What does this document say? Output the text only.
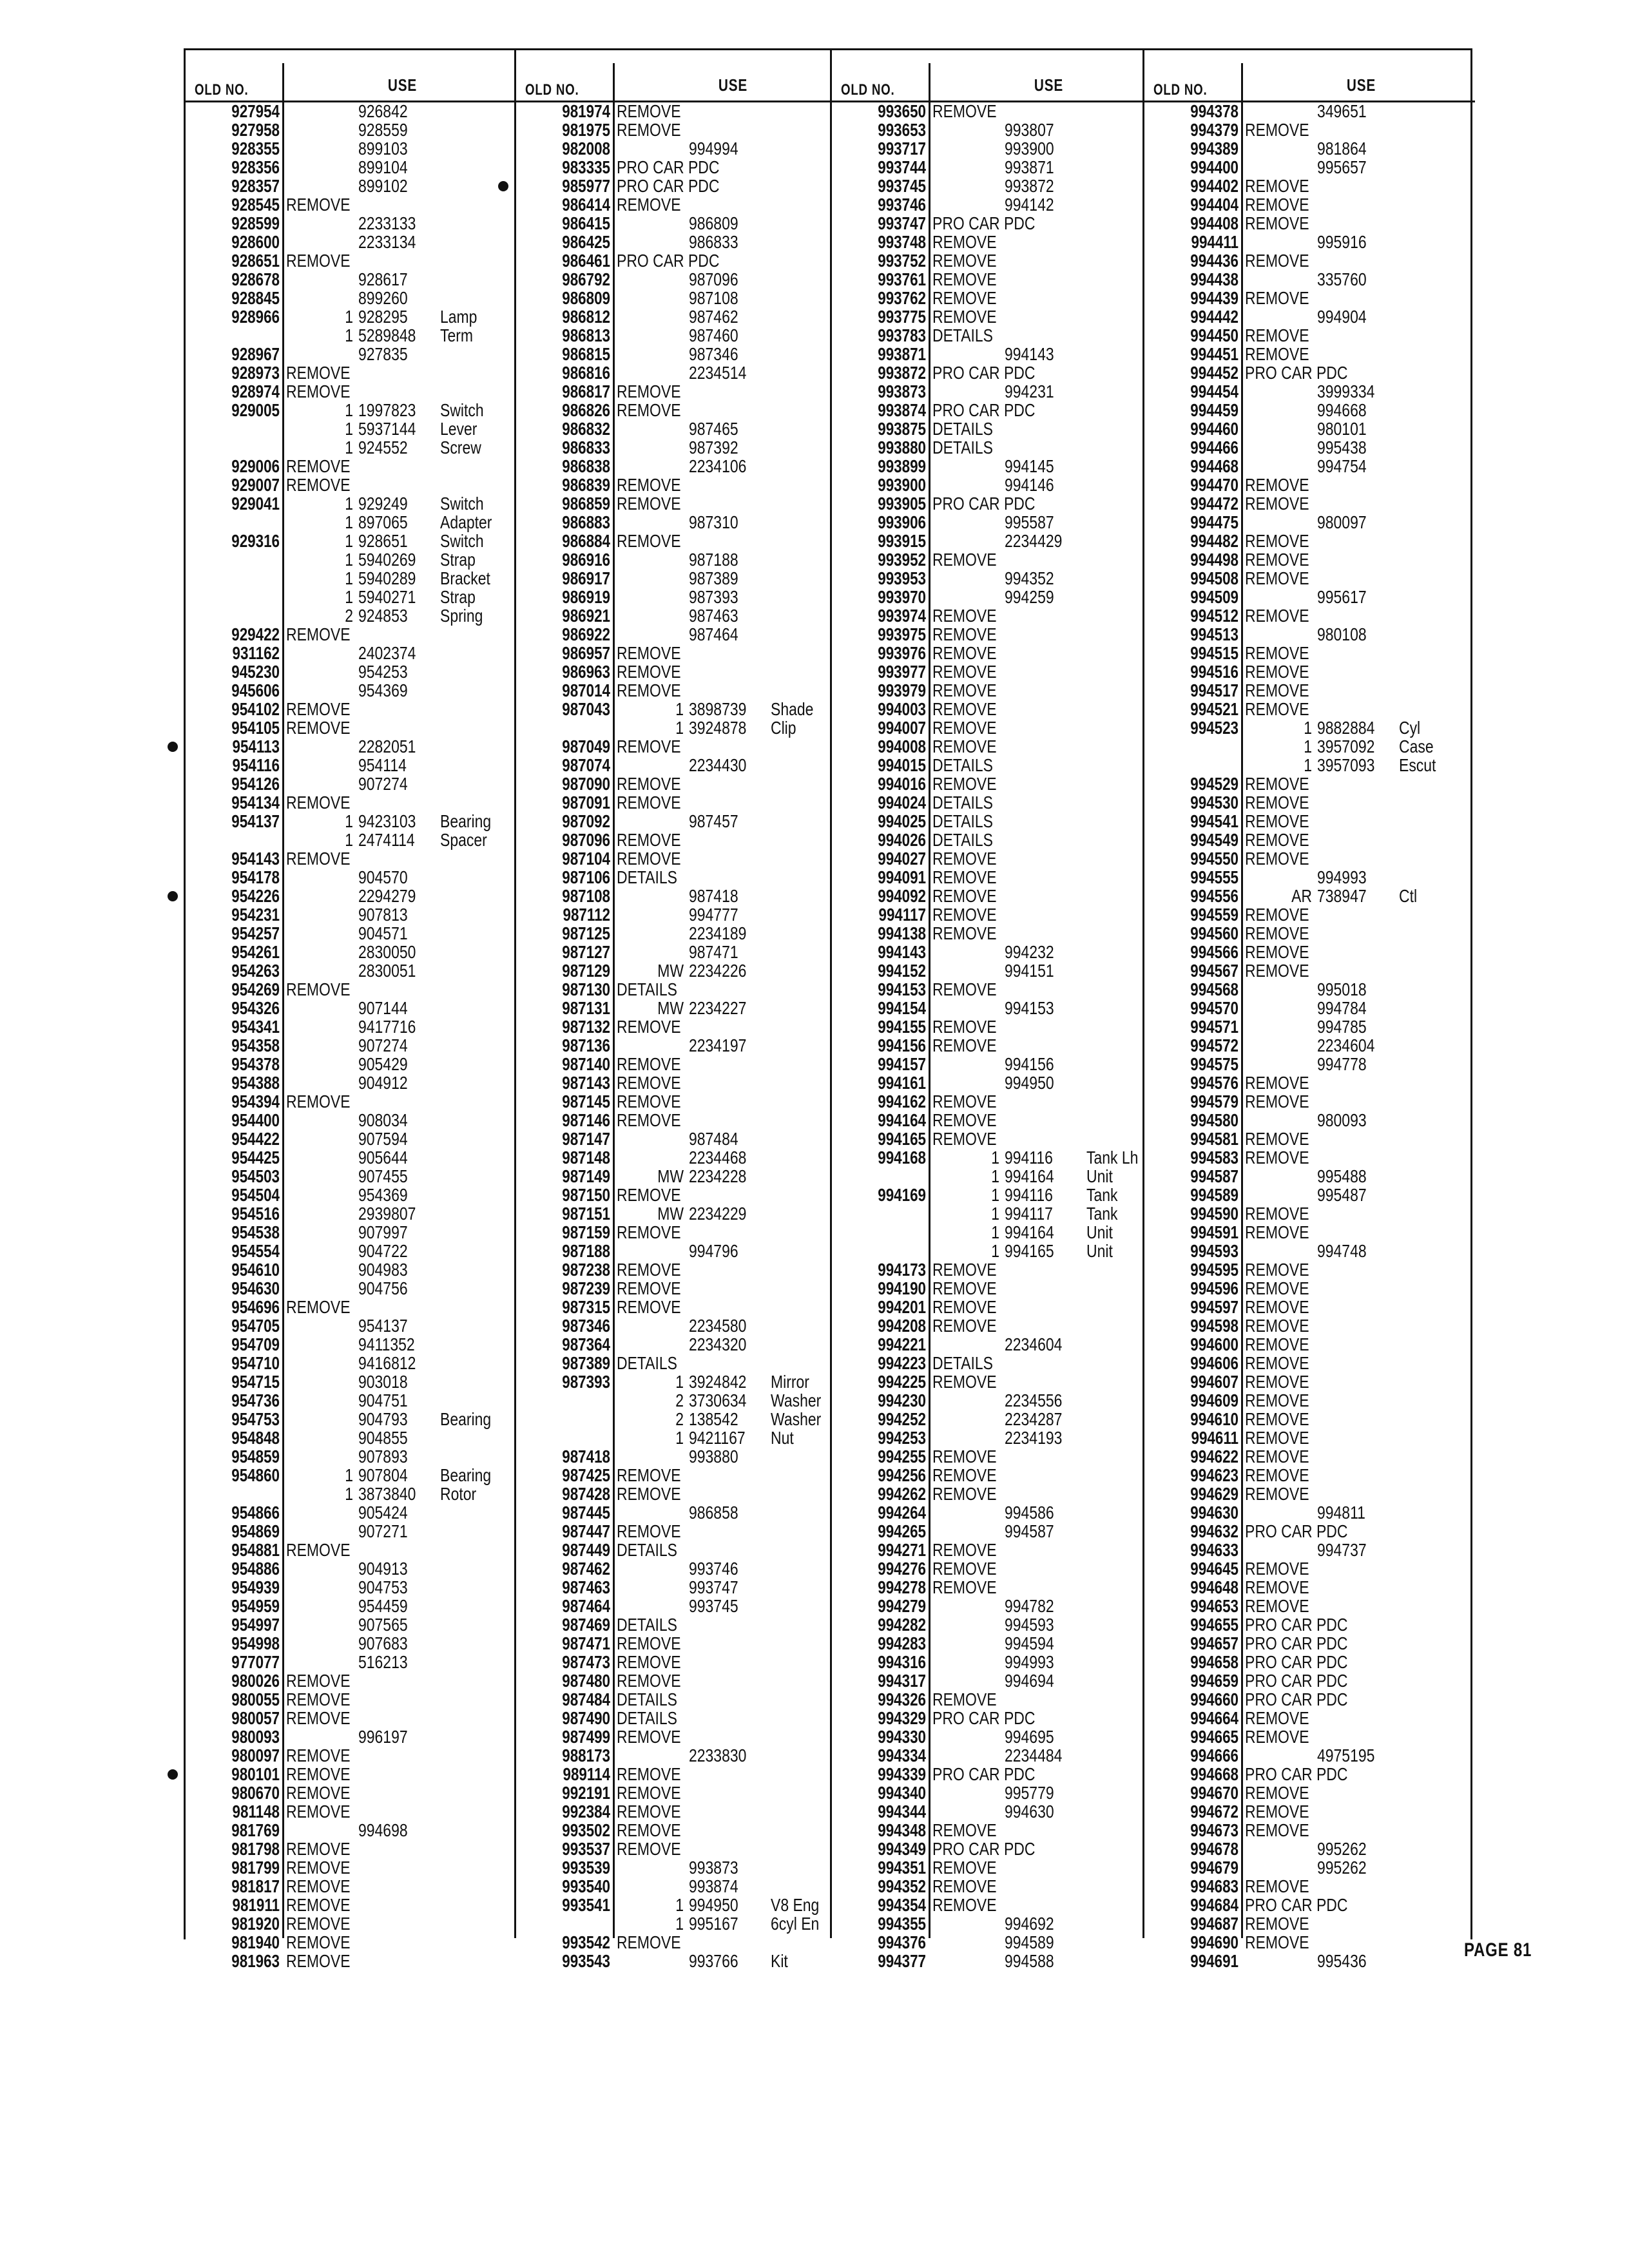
OLD NO.	USE
927954	926842
927958	928559
928355	899103
928356	899104
928357	899102
928545 REMOVE
928599	2233133
928600	2233134
928651 REMOVE
928678	928617
928845	899260
928966	1 928295 Lamp
1 5289848 Term
928967	927835
928973 REMOVE
928974 REMOVE
929005	1 1997823 Switch
1 5937144 Lever
1 924552 Screw
929006 REMOVE
929007 REMOVE
929041	1 929249 Switch
1 897065 Adapter
929316	1 928651 Switch
1 5940269 Strap
1 5940289 Bracket
1 5940271 Strap
2 924853 Spring
929422 REMOVE
931162	2402374
945230	954253
945606	954369
954102 REMOVE
954105 REMOVE
954113	2282051
954116	954114
954126	907274
954134 REMOVE
954137	1 9423103 Bearing
1 2474114 Spacer
954143 REMOVE
954178	904570
954226	2294279
954231	907813
954257	904571
954261	2830050
954263	2830051
954269 REMOVE
954326	907144
954341	9417716
954358	907274
954378	905429
954388	904912
954394 REMOVE
954400	908034
954422	907594
954425	905644
954503	907455
954504	954369
954516	2939807
954538	907997
954554	904722
954610	904983
954630	904756
954696 REMOVE
954705	954137
954709	9411352
954710	9416812
954715	903018
954736	904751
954753	904793 Bearing
954848	904855
954859	907893
954860	1 907804 Bearing
1 3873840 Rotor
954866	905424
954869	907271
954881 REMOVE
954886	904913
954939	904753
954959	954459
954997	907565
954998	907683
977077	516213
980026 REMOVE
980055 REMOVE
980057 REMOVE
980093	996197
980097 REMOVE
980101 REMOVE
980670 REMOVE
981148 REMOVE
981769	994698
981798 REMOVE
981799 REMOVE
981817 REMOVE
981911 REMOVE
981920 REMOVE
981940 REMOVE
981963 REMOVE
OLD NO.	USE
981974 REMOVE
981975 REMOVE
982008	994994
983335 PRO CAR PDC
985977 PRO CAR PDC
986414 REMOVE
986415	986809
986425	986833
986461 PRO CAR PDC
986792	987096
986809	987108
986812	987462
986813	987460
986815	987346
986816	2234514
986817 REMOVE
986826 REMOVE
986832	987465
986833	987392
986838	2234106
986839 REMOVE
986859 REMOVE
986883	987310
986884 REMOVE
986916	987188
986917	987389
986919	987393
986921	987463
986922	987464
986957 REMOVE
986963 REMOVE
987014 REMOVE
987043	1 3898739 Shade
1 3924878 Clip
987049 REMOVE
987074	2234430
987090 REMOVE
987091 REMOVE
987092	987457
987096 REMOVE
987104 REMOVE
987106 DETAILS
987108	987418
987112	994777
987125	2234189
987127	987471
987129	MW 2234226
987130 DETAILS
987131	MW 2234227
987132 REMOVE
987136	2234197
987140 REMOVE
987143 REMOVE
987145 REMOVE
987146 REMOVE
987147	987484
987148	2234468
987149	MW 2234228
987150 REMOVE
987151	MW 2234229
987159 REMOVE
987188	994796
987238 REMOVE
987239 REMOVE
987315 REMOVE
987346	2234580
987364	2234320
987389 DETAILS
987393	1 3924842 Mirror
2 3730634 Washer
2 138542 Washer
1 9421167 Nut
987418	993880
987425 REMOVE
987428 REMOVE
987445	986858
987447 REMOVE
987449 DETAILS
987462	993746
987463	993747
987464	993745
987469 DETAILS
987471 REMOVE
987473 REMOVE
987480 REMOVE
987484 DETAILS
987490 DETAILS
987499 REMOVE
988173	2233830
989114 REMOVE
992191 REMOVE
992384 REMOVE
993502 REMOVE
993537 REMOVE
993539	993873
993540	993874
993541	1 994950 V8 Eng
1 995167 6cyl En
993542 REMOVE
993543	993766 Kit
OLD NO.	USE
993650 REMOVE
993653	993807
993717	993900
993744	993871
993745	993872
993746	994142
993747 PRO CAR PDC
993748 REMOVE
993752 REMOVE
993761 REMOVE
993762 REMOVE
993775 REMOVE
993783 DETAILS
993871	994143
993872 PRO CAR PDC
993873	994231
993874 PRO CAR PDC
993875 DETAILS
993880 DETAILS
993899	994145
993900	994146
993905 PRO CAR PDC
993906	995587
993915	2234429
993952 REMOVE
993953	994352
993970	994259
993974 REMOVE
993975 REMOVE
993976 REMOVE
993977 REMOVE
993979 REMOVE
994003 REMOVE
994007 REMOVE
994008 REMOVE
994015 DETAILS
994016 REMOVE
994024 DETAILS
994025 DETAILS
994026 DETAILS
994027 REMOVE
994091 REMOVE
994092 REMOVE
994117 REMOVE
994138 REMOVE
994143	994232
994152	994151
994153 REMOVE
994154	994153
994155 REMOVE
994156 REMOVE
994157	994156
994161	994950
994162 REMOVE
994164 REMOVE
994165 REMOVE
994168	1 994116 Tank Lh
1 994164 Unit
994169	1 994116 Tank
1 994117 Tank
1 994164 Unit
1 994165 Unit
994173 REMOVE
994190 REMOVE
994201 REMOVE
994208 REMOVE
994221	2234604
994223 DETAILS
994225 REMOVE
994230	2234556
994252	2234287
994253	2234193
994255 REMOVE
994256 REMOVE
994262 REMOVE
994264	994586
994265	994587
994271 REMOVE
994276 REMOVE
994278 REMOVE
994279	994782
994282	994593
994283	994594
994316	994993
994317	994694
994326 REMOVE
994329 PRO CAR PDC
994330	994695
994334	2234484
994339 PRO CAR PDC
994340	995779
994344	994630
994348 REMOVE
994349 PRO CAR PDC
994351 REMOVE
994352 REMOVE
994354 REMOVE
994355	994692
994376	994589
994377	994588
OLD NO.	USE
994378	349651
994379 REMOVE
994389	981864
994400	995657
994402 REMOVE
994404 REMOVE
994408 REMOVE
994411	995916
994436 REMOVE
994438	335760
994439 REMOVE
994442	994904
994450 REMOVE
994451 REMOVE
994452 PRO CAR PDC
994454	3999334
994459	994668
994460	980101
994466	995438
994468	994754
994470 REMOVE
994472 REMOVE
994475	980097
994482 REMOVE
994498 REMOVE
994508 REMOVE
994509	995617
994512 REMOVE
994513	980108
994515 REMOVE
994516 REMOVE
994517 REMOVE
994521 REMOVE
994523	1 9882884 Cyl
1 3957092 Case
1 3957093 Escut
994529 REMOVE
994530 REMOVE
994541 REMOVE
994549 REMOVE
994550 REMOVE
994555	994993
994556	AR 738947 Ctl
994559 REMOVE
994560 REMOVE
994566 REMOVE
994567 REMOVE
994568	995018
994570	994784
994571	994785
994572	2234604
994575	994778
994576 REMOVE
994579 REMOVE
994580	980093
994581 REMOVE
994583 REMOVE
994587	995488
994589	995487
994590 REMOVE
994591 REMOVE
994593	994748
994595 REMOVE
994596 REMOVE
994597 REMOVE
994598 REMOVE
994600 REMOVE
994606 REMOVE
994607 REMOVE
994609 REMOVE
994610 REMOVE
994611 REMOVE
994622 REMOVE
994623 REMOVE
994629 REMOVE
994630	994811
994632 PRO CAR PDC
994633	994737
994645 REMOVE
994648 REMOVE
994653 REMOVE
994655 PRO CAR PDC
994657 PRO CAR PDC
994658 PRO CAR PDC
994659 PRO CAR PDC
994660 PRO CAR PDC
994664 REMOVE
994665 REMOVE
994666	4975195
994668 PRO CAR PDC
994670 REMOVE
994672 REMOVE
994673 REMOVE
994678	995262
994679	995262
994683 REMOVE
994684 PRO CAR PDC
994687 REMOVE
994690 REMOVE
994691	995436
PAGE 81
